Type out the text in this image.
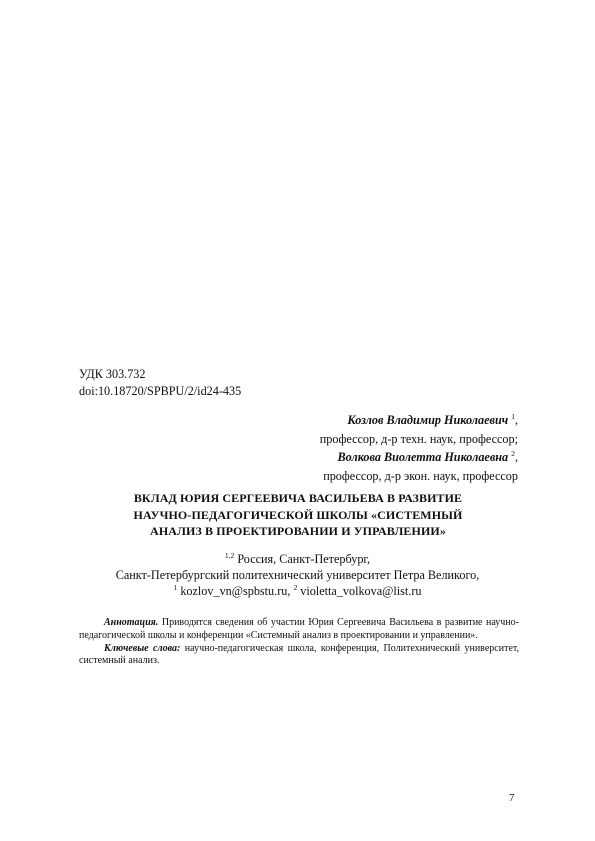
УДК 303.732
doi:10.18720/SPBPU/2/id24-435
Козлов Владимир Николаевич $^1$,
профессор, д-р техн. наук, профессор;
Волкова Виолетта Николаевна $^2$,
профессор, д-р экон. наук, профессор
ВКЛАД ЮРИЯ СЕРГЕЕВИЧА ВАСИЛЬЕВА В РАЗВИТИЕ
НАУЧНО-ПЕДАГОГИЧЕСКОЙ ШКОЛЫ «СИСТЕМНЫЙ
АНАЛИЗ В ПРОЕКТИРОВАНИИ И УПРАВЛЕНИИ»
$^{1,2}$ Россия, Санкт-Петербург,
Санкт-Петербургский политехнический университет Петра Великого,
$^1$ kozlov_vn@spbstu.ru, $^2$ violetta_volkova@list.ru

Аннотация. Приводятся сведения об участии Юрия Сергеевича Васильева в развитие научно-педагогической школы и конференции «Системный анализ в проектировании и управлении».

Ключевые слова: научно-педагогическая школа, конференция, Политехнический университет, системный анализ.

7
